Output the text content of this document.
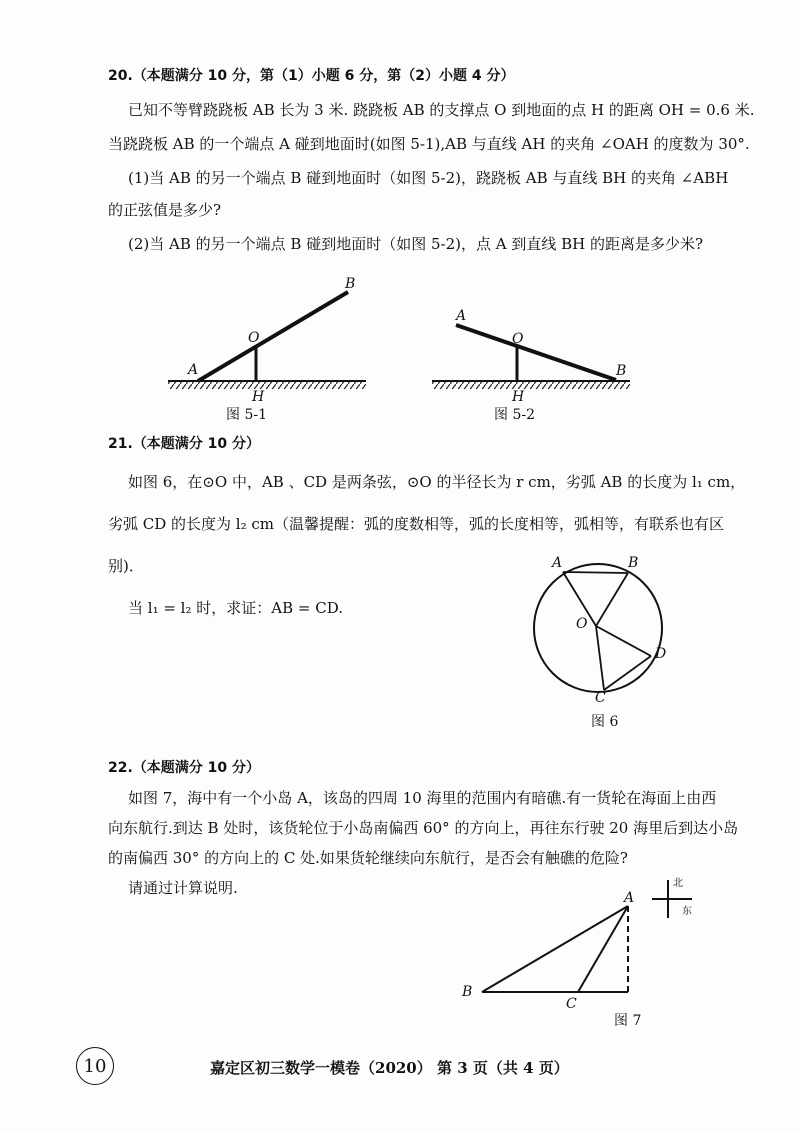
20.（本题满分 10 分，第（1）小题 6 分，第（2）小题 4 分）
已知不等臂跷跷板 AB 长为 3 米. 跷跷板 AB 的支撑点 O 到地面的点 H 的距离 OH = 0.6 米.
当跷跷板 AB 的一个端点 A 碰到地面时(如图 5-1),AB 与直线 AH 的夹角 ∠OAH 的度数为 30°.
(1)当 AB 的另一个端点 B 碰到地面时（如图 5-2)，跷跷板 AB 与直线 BH 的夹角 ∠ABH
的正弦值是多少?
(2)当 AB 的另一个端点 B 碰到地面时（如图 5-2)，点 A 到直线 BH 的距离是多少米?
B
O
A
H
图 5-1
A
O
B
H
图 5-2
21.（本题满分 10 分）
如图 6，在⊙O 中，AB 、CD 是两条弦，⊙O 的半径长为 r cm，劣弧 AB 的长度为 l₁ cm，
劣弧 CD 的长度为 l₂ cm（温馨提醒：弧的度数相等，弧的长度相等，弧相等，有联系也有区
别)．
当 l₁ = l₂ 时，求证：AB = CD.
A	B
O
D
C
图 6
22.（本题满分 10 分）
如图 7，海中有一个小岛 A，该岛的四周 10 海里的范围内有暗礁.有一货轮在海面上由西
向东航行.到达 B 处时，该货轮位于小岛南偏西 60° 的方向上，再往东行驶 20 海里后到达小岛
的南偏西 30° 的方向上的 C 处.如果货轮继续向东航行，是否会有触礁的危险?
请通过计算说明.
A
B
C
北
东
图 7
10	嘉定区初三数学一模卷（2020） 第 3 页（共 4 页）
